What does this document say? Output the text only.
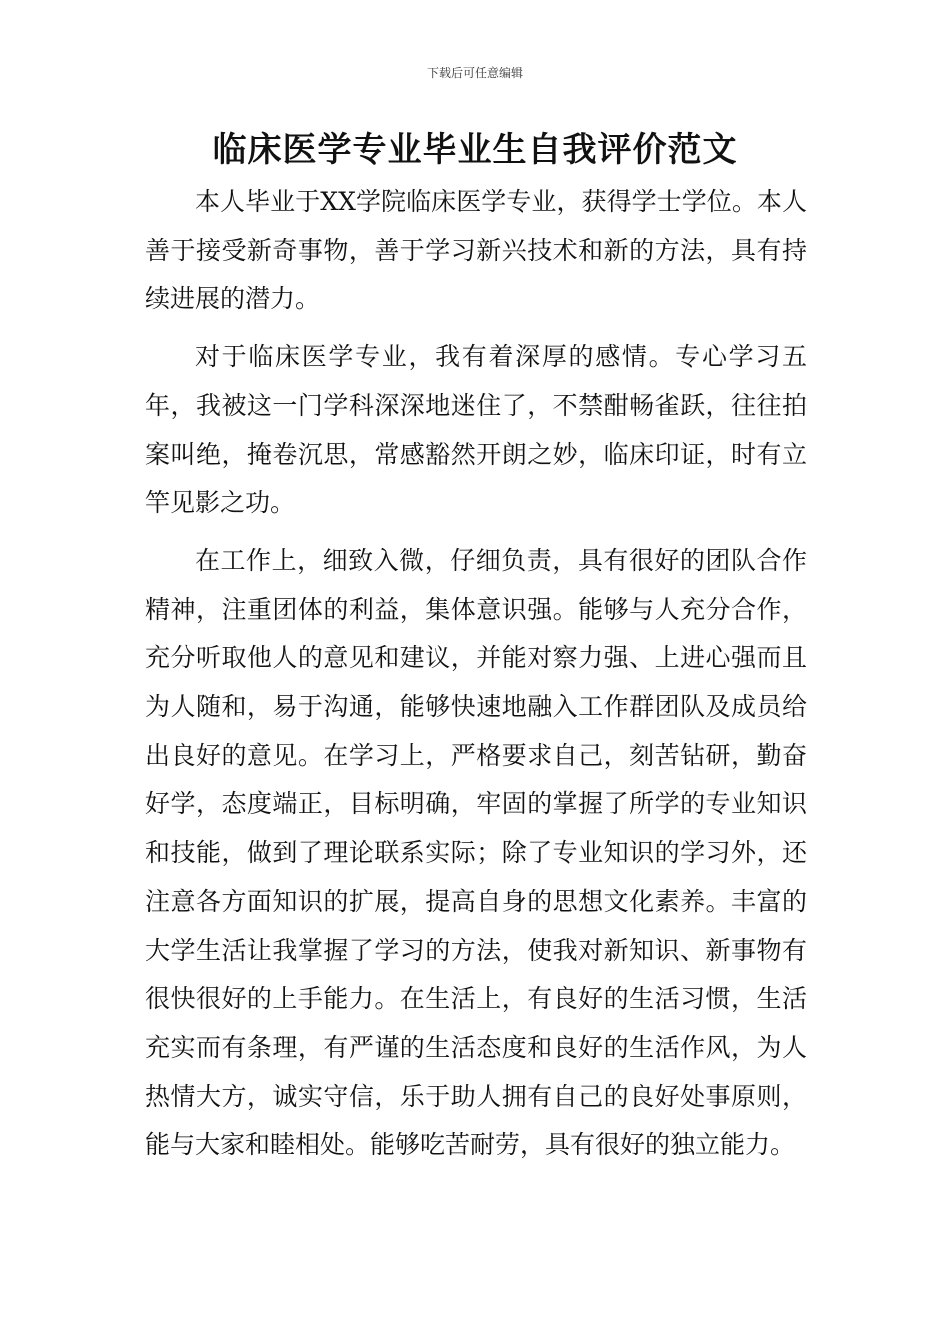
下载后可任意编辑
临床医学专业毕业生自我评价范文

本人毕业于XX学院临床医学专业，获得学士学位。本人善于接受新奇事物，善于学习新兴技术和新的方法，具有持续进展的潜力。

对于临床医学专业，我有着深厚的感情。专心学习五年，我被这一门学科深深地迷住了，不禁酣畅雀跃，往往拍案叫绝，掩卷沉思，常感豁然开朗之妙，临床印证，时有立竿见影之功。

在工作上，细致入微，仔细负责，具有很好的团队合作精神，注重团体的利益，集体意识强。能够与人充分合作，充分听取他人的意见和建议，并能对察力强、上进心强而且为人随和，易于沟通，能够快速地融入工作群团队及成员给出良好的意见。在学习上，严格要求自己，刻苦钻研，勤奋好学，态度端正，目标明确，牢固的掌握了所学的专业知识和技能，做到了理论联系实际；除了专业知识的学习外，还注意各方面知识的扩展，提高自身的思想文化素养。丰富的大学生活让我掌握了学习的方法，使我对新知识、新事物有很快很好的上手能力。在生活上，有良好的生活习惯，生活充实而有条理，有严谨的生活态度和良好的生活作风，为人热情大方，诚实守信，乐于助人拥有自己的良好处事原则，能与大家和睦相处。能够吃苦耐劳，具有很好的独立能力。
